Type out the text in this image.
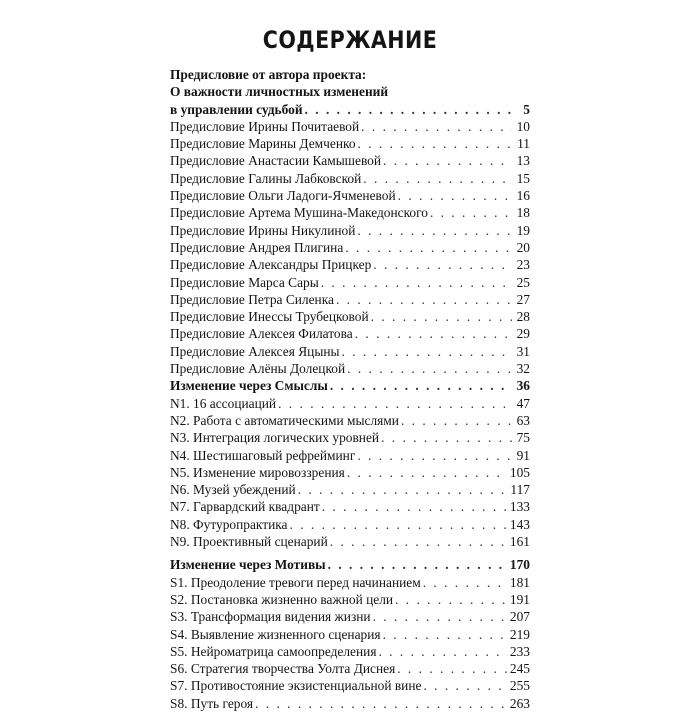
СОДЕРЖАНИЕ
Предисловие от автора проекта:
О важности личностных изменений
в управлении судьбой . . .	5
Предисловие Ирины Почитаевой . . .	10
Предисловие Марины Демченко . . .	11
Предисловие Анастасии Камышевой . . .	13
Предисловие Галины Лабковской . . .	15
Предисловие Ольги Ладоги-Ячменевой . . .	16
Предисловие Артема Мушина-Македонского . . .	18
Предисловие Ирины Никулиной . . .	19
Предисловие Андрея Плигина . . .	20
Предисловие Александры Прицкер . . .	23
Предисловие Марса Сары . . .	25
Предисловие Петра Силенка . . .	27
Предисловие Инессы Трубецковой . . .	28
Предисловие Алексея Филатова . . .	29
Предисловие Алексея Яцыны . . .	31
Предисловие Алёны Долецкой . . .	32
Изменение через Смыслы . . .	36
N1. 16 ассоциаций . . .	47
N2. Работа с автоматическими мыслями . . .	63
N3. Интеграция логических уровней . . .	75
N4. Шестишаговый рефрейминг . . .	91
N5. Изменение мировоззрения . . .	105
N6. Музей убеждений . . .	117
N7. Гарвардский квадрант . . .	133
N8. Футуропрактика . . .	143
N9. Проективный сценарий . . .	161
Изменение через Мотивы . . .	170
S1. Преодоление тревоги перед начинанием . . .	181
S2. Постановка жизненно важной цели . . .	191
S3. Трансформация видения жизни . . .	207
S4. Выявление жизненного сценария . . .	219
S5. Нейроматрица самоопределения . . .	233
S6. Стратегия творчества Уолта Диснея . . .	245
S7. Противостояние экзистенциальной вине . . .	255
S8. Путь героя . . .	263
